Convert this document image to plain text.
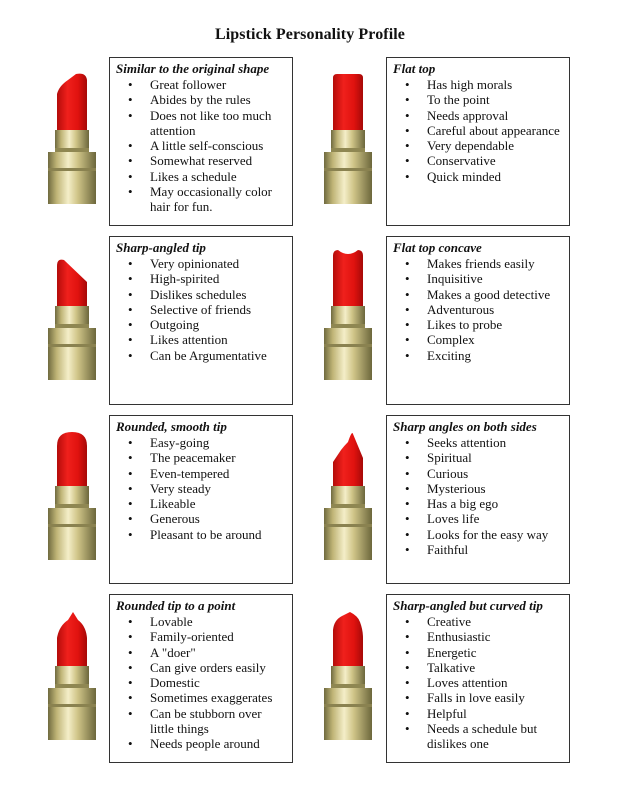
Lipstick Personality Profile
Similar to the original shape
• Great follower
• Abides by the rules
• Does not like too much attention
• A little self-conscious
• Somewhat reserved
• Likes a schedule
• May occasionally color hair for fun.
Flat top
• Has high morals
• To the point
• Needs approval
• Careful about appearance
• Very dependable
• Conservative
• Quick minded
Sharp-angled tip
• Very opinionated
• High-spirited
• Dislikes schedules
• Selective of friends
• Outgoing
• Likes attention
• Can be Argumentative
Flat top concave
• Makes friends easily
• Inquisitive
• Makes a good detective
• Adventurous
• Likes to probe
• Complex
• Exciting
Rounded, smooth tip
• Easy-going
• The peacemaker
• Even-tempered
• Very steady
• Likeable
• Generous
• Pleasant to be around
Sharp angles on both sides
• Seeks attention
• Spiritual
• Curious
• Mysterious
• Has a big ego
• Loves life
• Looks for the easy way
• Faithful
Rounded tip to a point
• Lovable
• Family-oriented
• A "doer"
• Can give orders easily
• Domestic
• Sometimes exaggerates
• Can be stubborn over little things
• Needs people around
Sharp-angled but curved tip
• Creative
• Enthusiastic
• Energetic
• Talkative
• Loves attention
• Falls in love easily
• Helpful
• Needs a schedule but dislikes one
